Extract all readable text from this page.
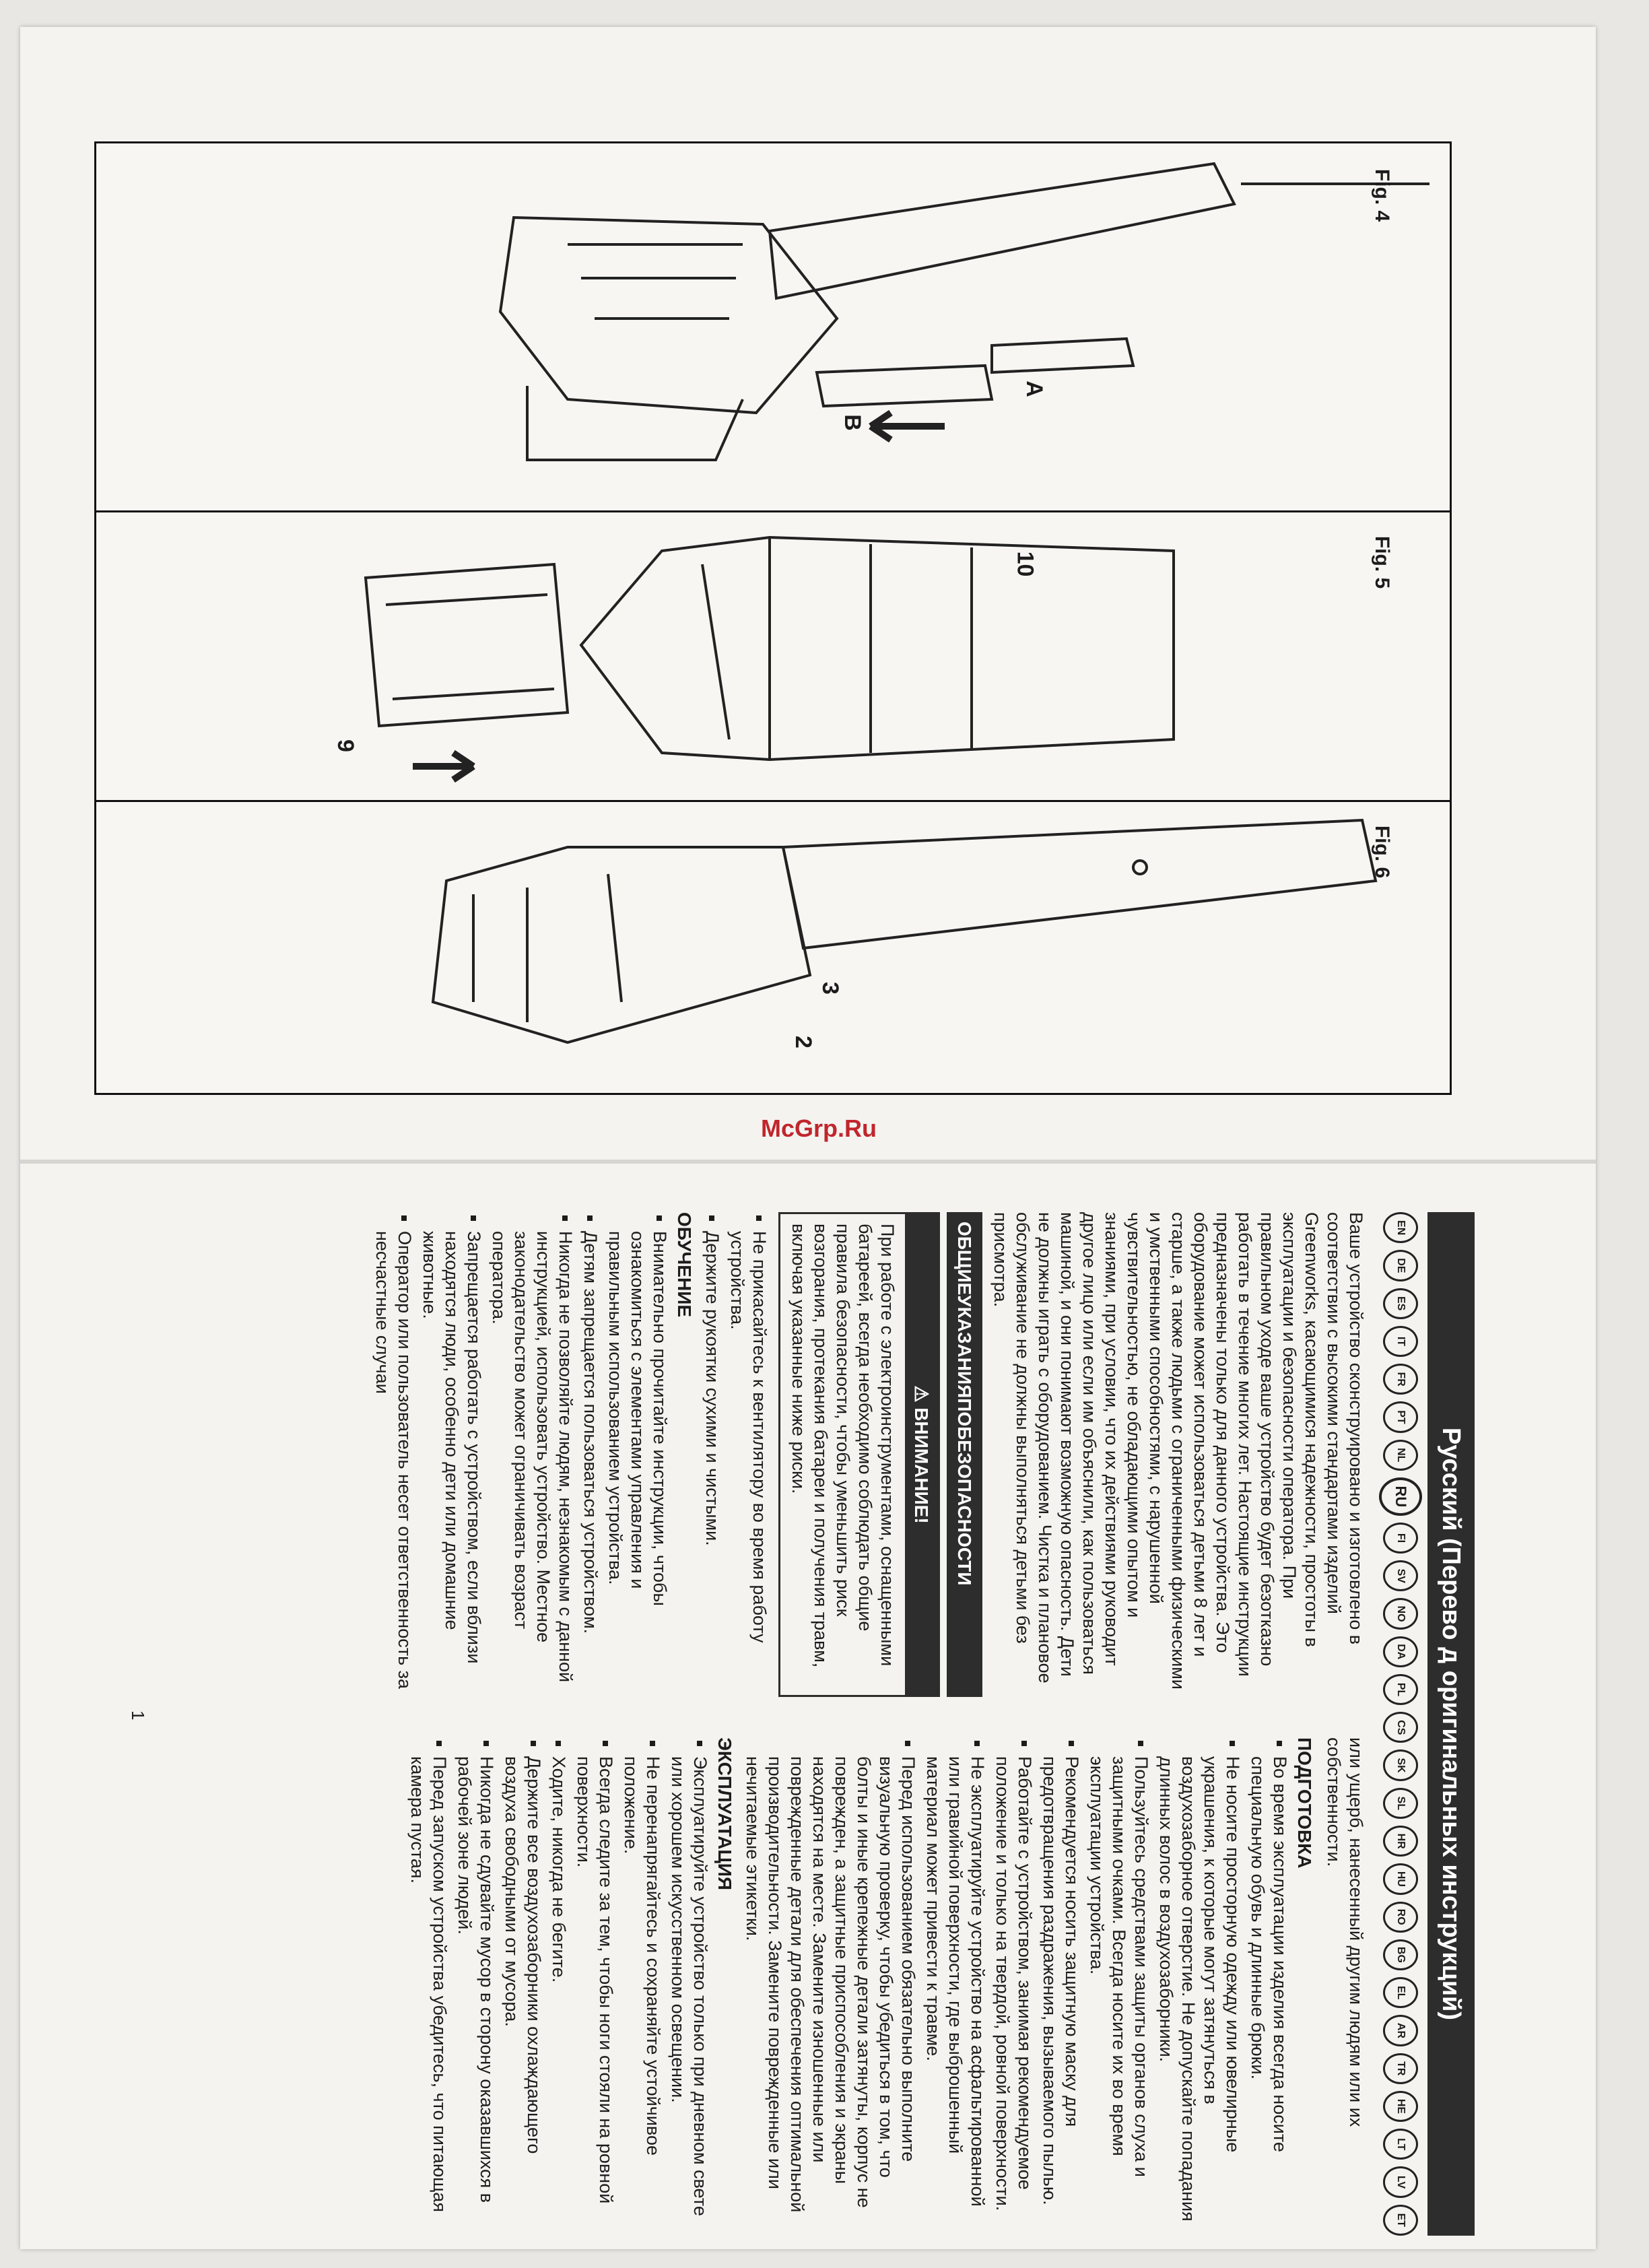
Fig. 4
A
B
Fig. 5
10
9
Fig. 6
2
3
McGrp.Ru
Русский (Перево д оригинальных инструкций)
EN
DE
ES
IT
FR
PT
NL
RU
FI
SV
NO
DA
PL
CS
SK
SL
HR
HU
RO
BG
EL
AR
TR
HE
LT
LV
ET

Ваше устройство сконструировано и изготовлено в соответствии с высокими стандартами изделий Greenworks, касающимися надежности, простоты в эксплуатации и безопасности оператора. При правильном уходе ваше устройство будет безотказно работать в течение многих лет. Настоящие инструкции предназначены только для данного устройства. Это оборудование может использоваться детьми 8 лет и старше, а также людьми с ограниченными физическими и умственными способностями, с нарушенной чувствительностью, не обладающими опытом и знаниями, при условии, что их действиями руководит другое лицо или если им объяснили, как пользоваться машиной, и они понимают возможную опасность. Дети не должны играть с оборудованием. Чистка и плановое обслуживание не должны выполняться детьми без присмотра.

ОБЩИЕУКАЗАНИЯПОБЕЗОПАСНОСТИ
⚠ ВНИМАНИЕ!
При работе с электроинструментами, оснащенными батареей, всегда необходимо соблюдать общие правила безопасности, чтобы уменьшить риск возгорания, протекания батареи и получения травм, включая указанные ниже риски.
▪ Не прикасайтесь к вентилятору во время работу устройства.
▪ Держите рукоятки сухими и чистыми.
ОБУЧЕНИЕ
▪ Внимательно прочитайте инструкции, чтобы ознакомиться с элементами управления и правильным использованием устройства.
▪ Детям запрещается пользоваться устройством.
▪ Никогда не позволяйте людям, незнакомым с данной инструкцией, использовать устройство. Местное законодательство может ограничивать возраст оператора.
▪ Запрещается работать с устройством, если вблизи находятся люди, особенно дети или домашние животные.
▪ Оператор или пользователь несет ответственность за несчастные случаи

или ущерб, нанесенный другим людям или их собственности.

ПОДГОТОВКА
▪ Во время эксплуатации изделия всегда носите специальную обувь и длинные брюки.
▪ Не носите просторную одежду или ювелирные украшения, к которые могут затянуться в воздухозаборное отверстие. Не допускайте попадания длинных волос в воздухозаборники.
▪ Пользуйтесь средствами защиты органов слуха и защитными очками. Всегда носите их во время эксплуатации устройства.
▪ Рекомендуется носить защитную маску для предотвращения раздражения, вызываемого пылью.
▪ Работайте с устройством, занимая рекомендуемое положение и только на твердой, ровной поверхности.
▪ Не эксплуатируйте устройство на асфальтированной или гравийной поверхности, где выброшенный материал может привести к травме.
▪ Перед использованием обязательно выполните визуальную проверку, чтобы убедиться в том, что болты и иные крепежные детали затянуты, корпус не поврежден, а защитные приспособления и экраны находятся на месте. Замените изношенные или поврежденные детали для обеспечения оптимальной производительности. Замените поврежденные или нечитаемые этикетки.
ЭКСПЛУАТАЦИЯ
▪ Эксплуатируйте устройство только при дневном свете или хорошем искусственном освещении.
▪ Не перенапрягайтесь и сохраняйте устойчивое положение.
▪ Всегда следите за тем, чтобы ноги стояли на ровной поверхности.
▪ Ходите, никогда не бегите.
▪ Держите все воздухозаборники охлаждающего воздуха свободными от мусора.
▪ Никогда не сдувайте мусор в сторону оказавшихся в рабочей зоне людей.
▪ Перед запуском устройства убедитесь, что питающая камера пустая.
1
